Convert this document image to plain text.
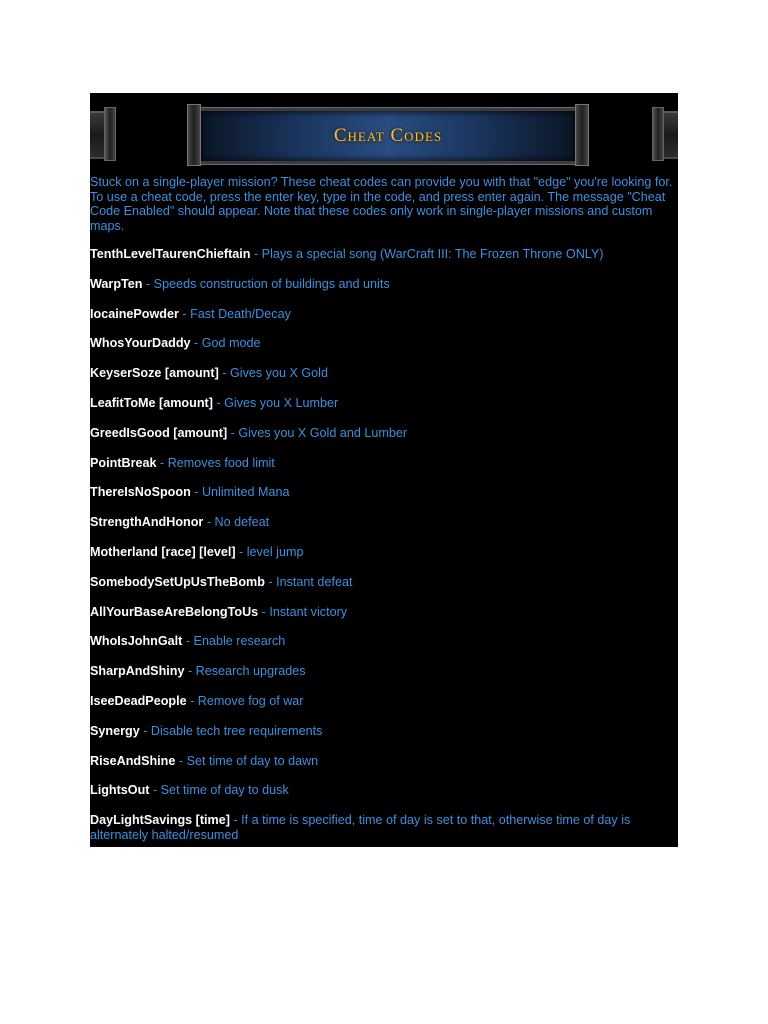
Cheat Codes

Stuck on a single-player mission? These cheat codes can provide you with that "edge" you're looking for. To use a cheat code, press the enter key, type in the code, and press enter again. The message "Cheat Code Enabled" should appear. Note that these codes only work in single-player missions and custom maps.

TenthLevelTaurenChieftain - Plays a special song (WarCraft III: The Frozen Throne ONLY)
WarpTen - Speeds construction of buildings and units
IocainePowder - Fast Death/Decay
WhosYourDaddy - God mode
KeyserSoze [amount] - Gives you X Gold
LeafitToMe [amount] - Gives you X Lumber
GreedIsGood [amount] - Gives you X Gold and Lumber
PointBreak - Removes food limit
ThereIsNoSpoon - Unlimited Mana
StrengthAndHonor - No defeat
Motherland [race] [level] - level jump
SomebodySetUpUsTheBomb - Instant defeat
AllYourBaseAreBelongToUs - Instant victory
WhoIsJohnGalt - Enable research
SharpAndShiny - Research upgrades
IseeDeadPeople - Remove fog of war
Synergy - Disable tech tree requirements
RiseAndShine - Set time of day to dawn
LightsOut - Set time of day to dusk
DayLightSavings [time] - If a time is specified, time of day is set to that, otherwise time of day is alternately halted/resumed
